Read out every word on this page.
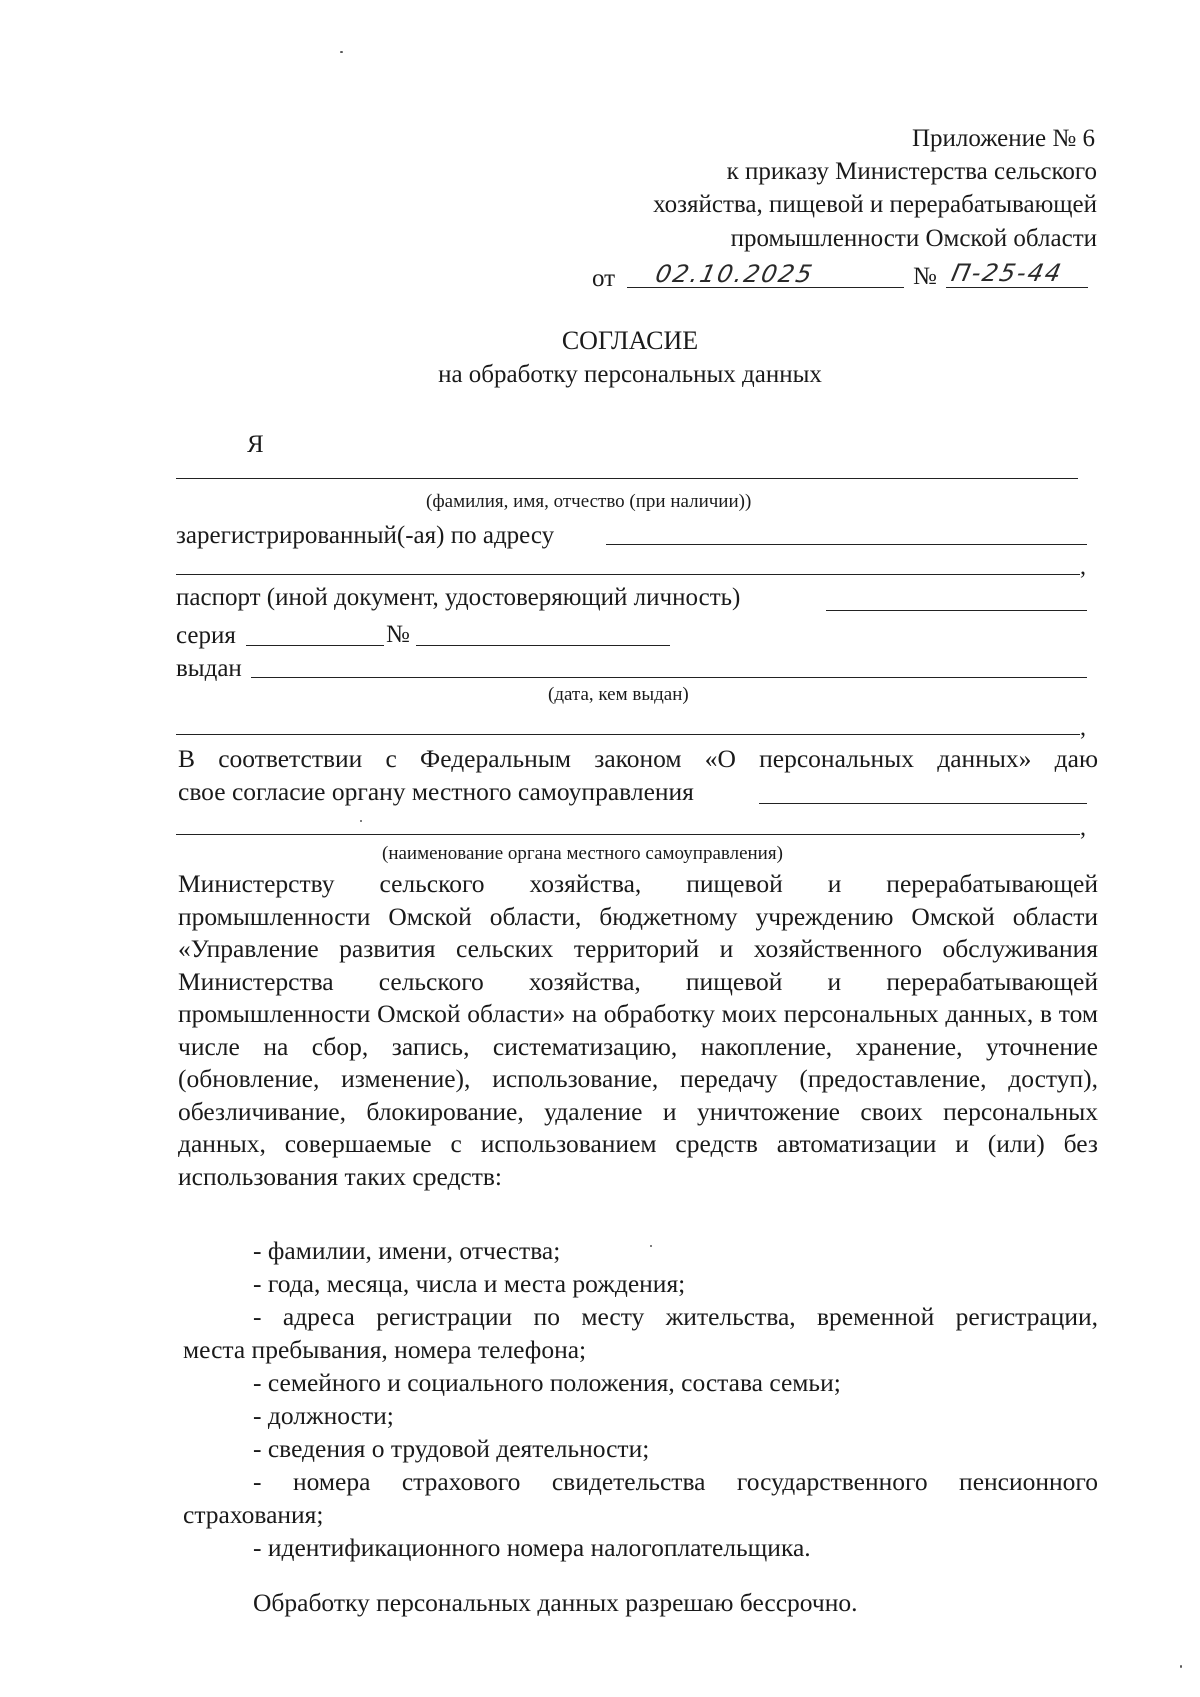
Приложение № 6
к приказу Министерства сельского
хозяйства, пищевой и перерабатывающей
промышленности Омской области
от 02.10.2025	№ П-25-44
СОГЛАСИЕ
на обработку персональных данных
Я
(фамилия, имя, отчество (при наличии))
зарегистрированный(-ая) по адресу
,
паспорт (иной документ, удостоверяющий личность)
серия	№
выдан
(дата, кем выдан)
,
В соответствии с Федеральным законом «О персональных данных» даю
свое согласие органу местного самоуправления
,
(наименование органа местного самоуправления)

Министерству сельского хозяйства, пищевой и перерабатывающей промышленности Омской области, бюджетному учреждению Омской области «Управление развития сельских территорий и хозяйственного обслуживания Министерства сельского хозяйства, пищевой и перерабатывающей промышленности Омской области» на обработку моих персональных данных, в том числе на сбор, запись, систематизацию, накопление, хранение, уточнение (обновление, изменение), использование, передачу (предоставление, доступ), обезличивание, блокирование, удаление и уничтожение своих персональных данных, совершаемые с использованием средств автоматизации и (или) без использования таких средств:

- фамилии, имени, отчества;
- года, месяца, числа и места рождения;
- адреса регистрации по месту жительства, временной регистрации,
места пребывания, номера телефона;
- семейного и социального положения, состава семьи;
- должности;
- сведения о трудовой деятельности;
- номера страхового свидетельства государственного пенсионного
страхования;
- идентификационного номера налогоплательщика.
Обработку персональных данных разрешаю бессрочно.
